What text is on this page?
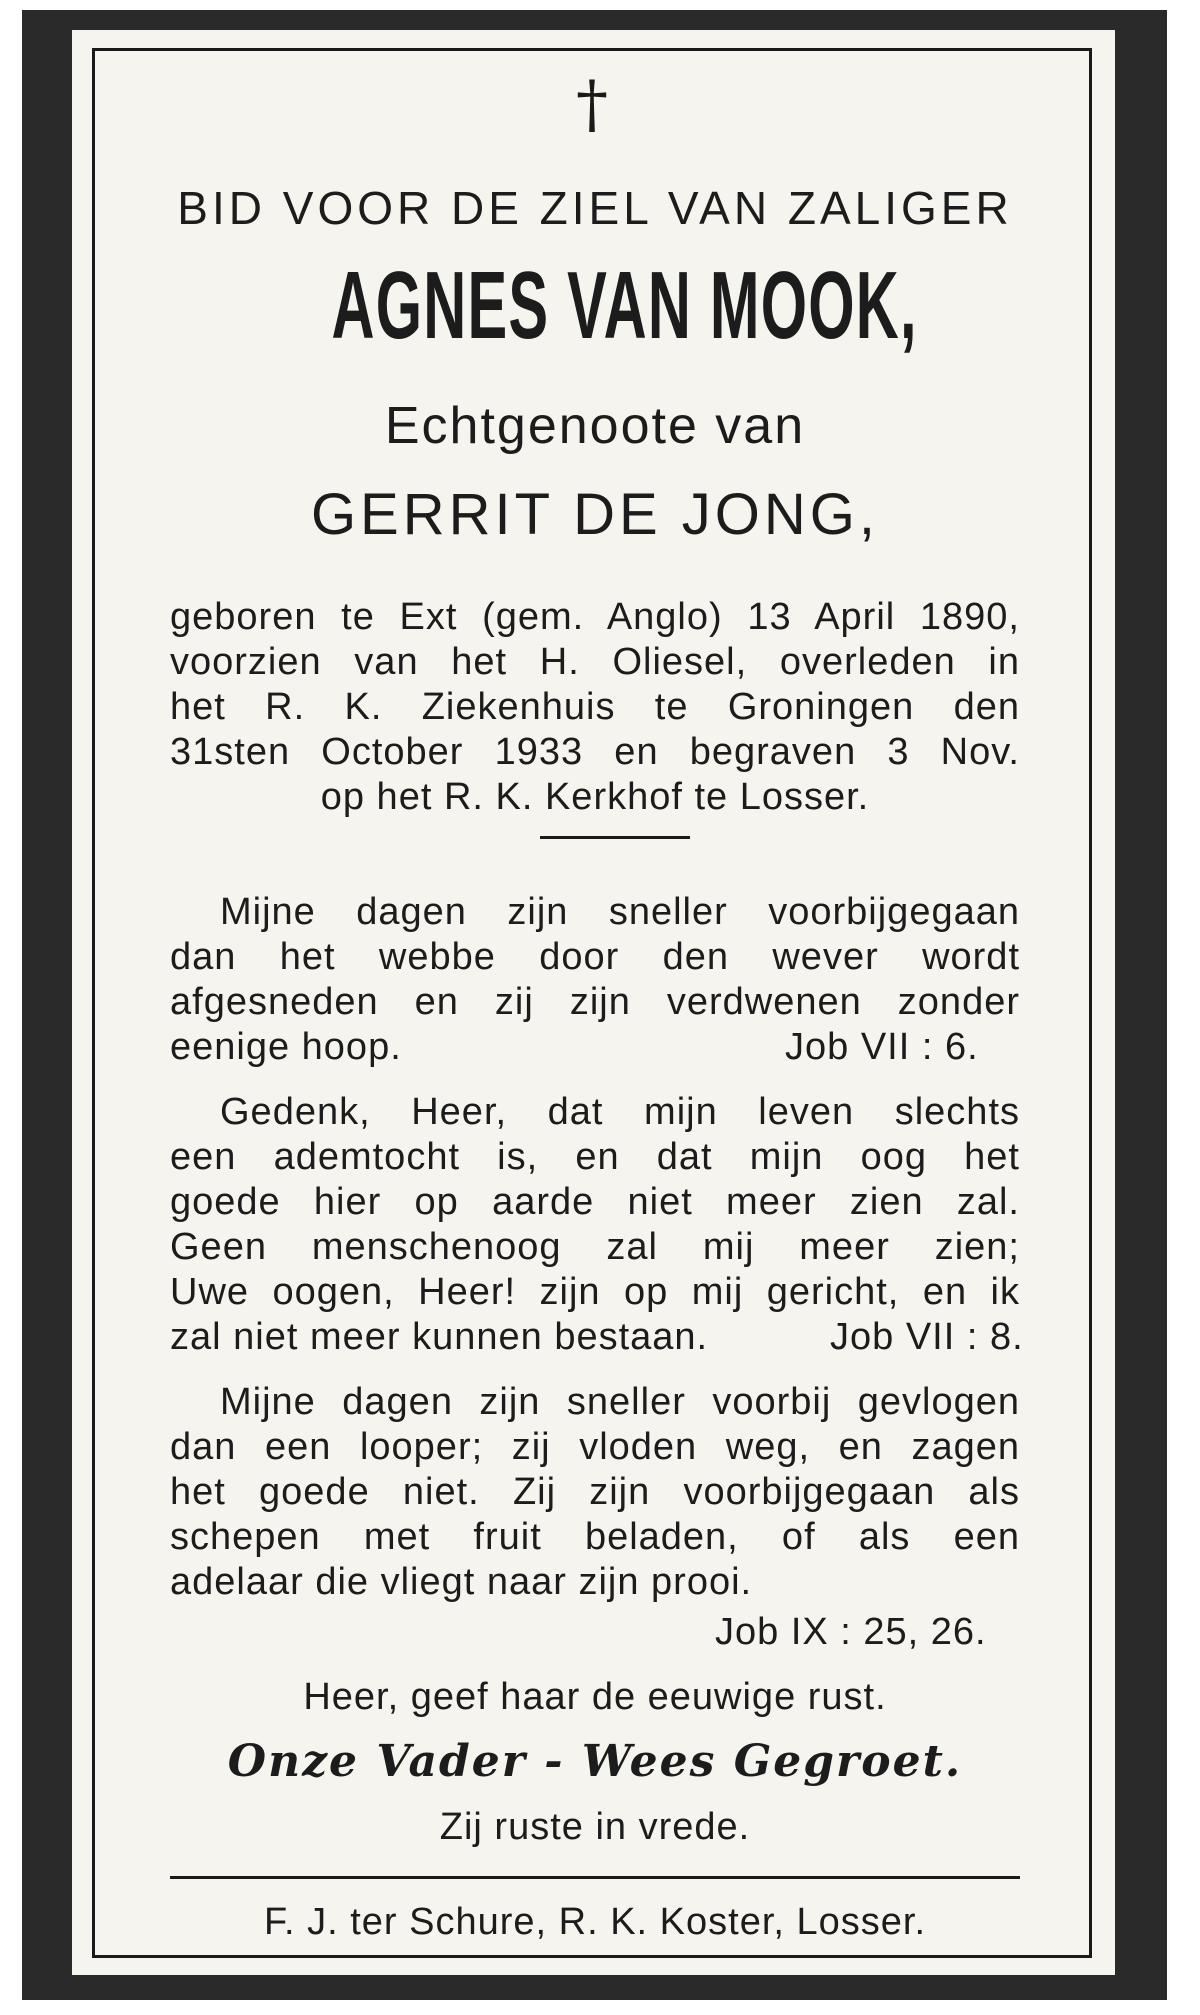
†
BID VOOR DE ZIEL VAN ZALIGER
AGNES VAN MOOK,
Echtgenoote van
GERRIT DE JONG,
geboren te Ext (gem. Anglo) 13 April 1890,
voorzien van het H. Oliesel, overleden in
het R. K. Ziekenhuis te Groningen den
31sten October 1933 en begraven 3 Nov.
op het R. K. Kerkhof te Losser.
Mijne dagen zijn sneller voorbijgegaan
dan het webbe door den wever wordt
afgesneden en zij zijn verdwenen zonder
eenige hoop.	Job VII : 6.
Gedenk, Heer, dat mijn leven slechts
een ademtocht is, en dat mijn oog het
goede hier op aarde niet meer zien zal.
Geen menschenoog zal mij meer zien;
Uwe oogen, Heer! zijn op mij gericht, en ik
zal niet meer kunnen bestaan.	Job VII : 8.
Mijne dagen zijn sneller voorbij gevlogen
dan een looper; zij vloden weg, en zagen
het goede niet. Zij zijn voorbijgegaan als
schepen met fruit beladen, of als een
adelaar die vliegt naar zijn prooi.
Job IX : 25, 26.
Heer, geef haar de eeuwige rust.
Onze Vader - Wees Gegroet.
Zij ruste in vrede.
F. J. ter Schure, R. K. Koster, Losser.
